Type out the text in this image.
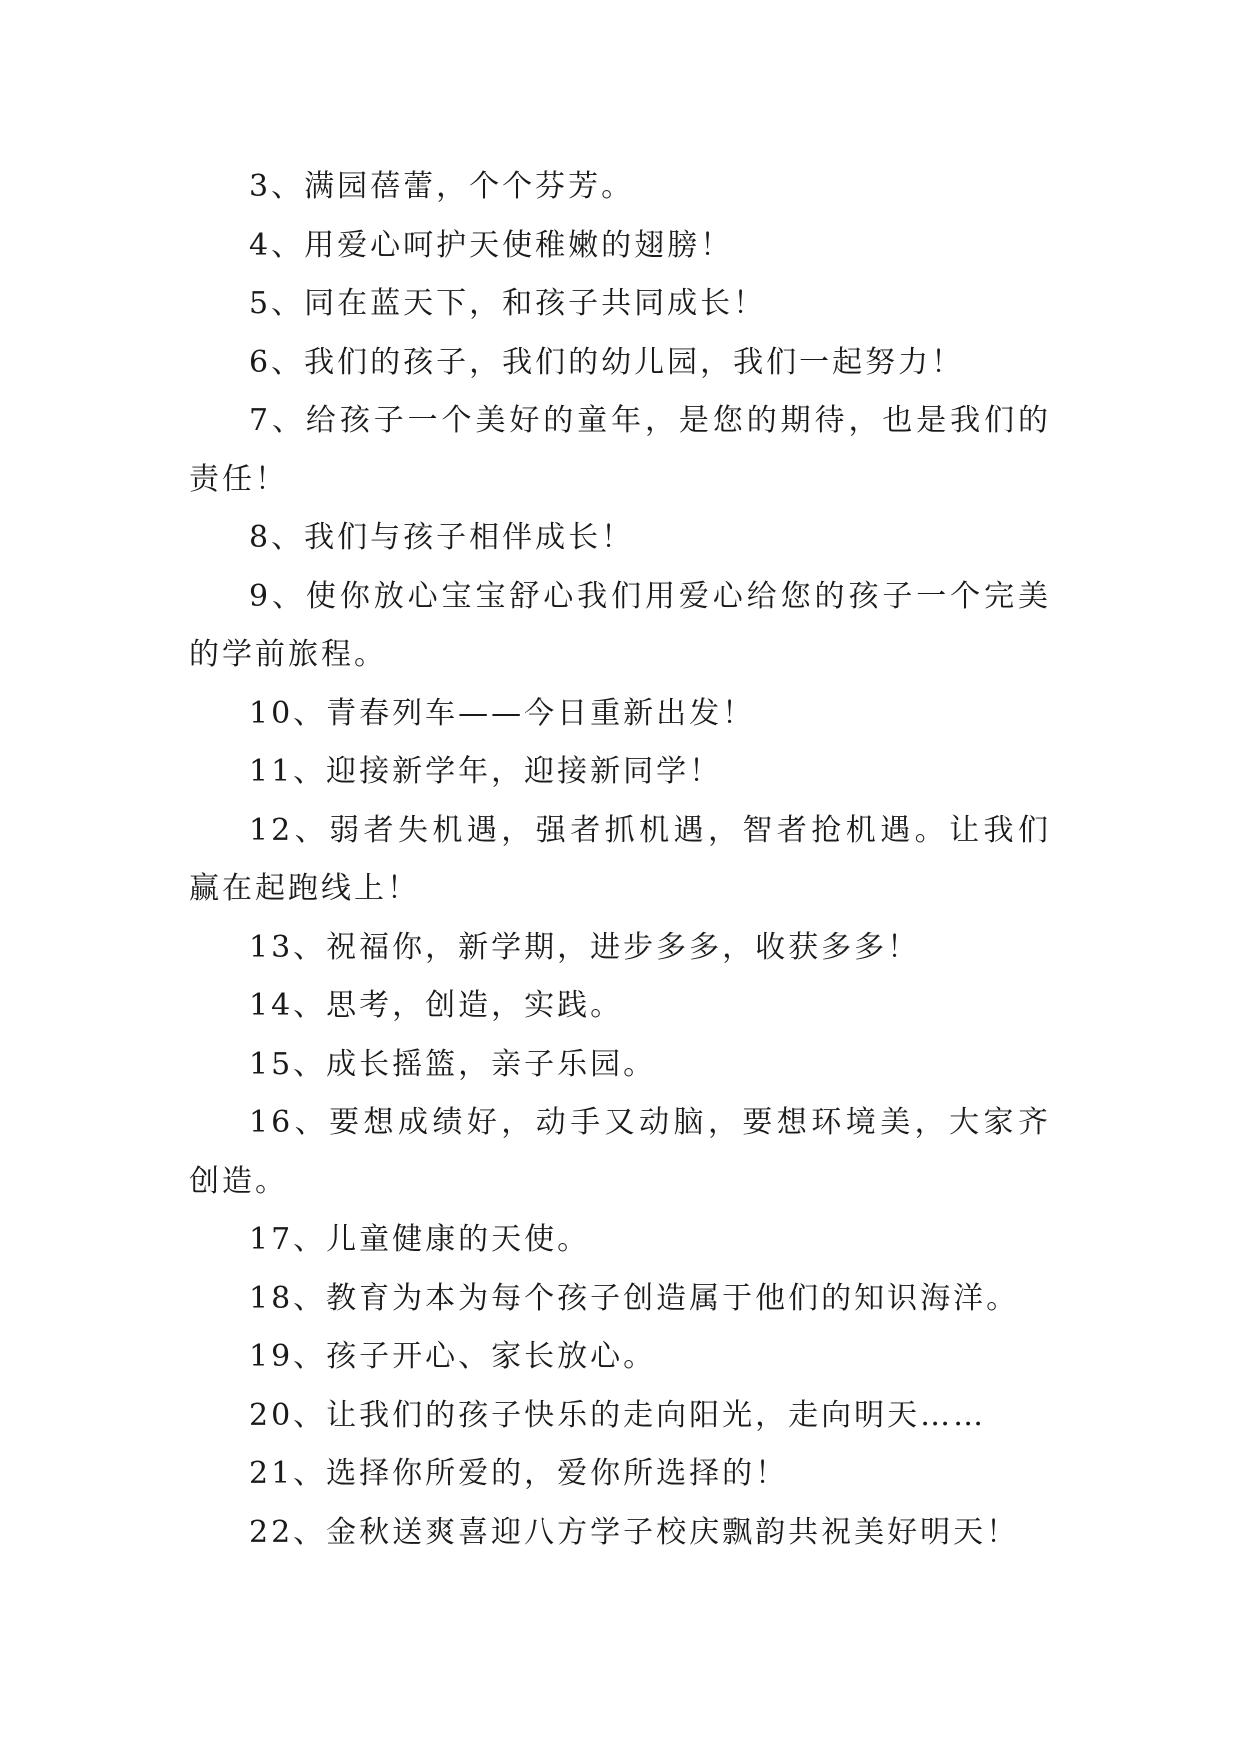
3、满园蓓蕾，个个芬芳。

4、用爱心呵护天使稚嫩的翅膀！

5、同在蓝天下，和孩子共同成长！

6、我们的孩子，我们的幼儿园，我们一起努力！

7、给孩子一个美好的童年，是您的期待，也是我们的责任！

8、我们与孩子相伴成长！

9、使你放心宝宝舒心我们用爱心给您的孩子一个完美的学前旅程。

10、青春列车——今日重新出发！

11、迎接新学年，迎接新同学！

12、弱者失机遇，强者抓机遇，智者抢机遇。让我们赢在起跑线上！

13、祝福你，新学期，进步多多，收获多多！

14、思考，创造，实践。

15、成长摇篮，亲子乐园。

16、要想成绩好，动手又动脑，要想环境美，大家齐创造。

17、儿童健康的天使。

18、教育为本为每个孩子创造属于他们的知识海洋。

19、孩子开心、家长放心。

20、让我们的孩子快乐的走向阳光，走向明天……

21、选择你所爱的，爱你所选择的！

22、金秋送爽喜迎八方学子校庆飘韵共祝美好明天！
